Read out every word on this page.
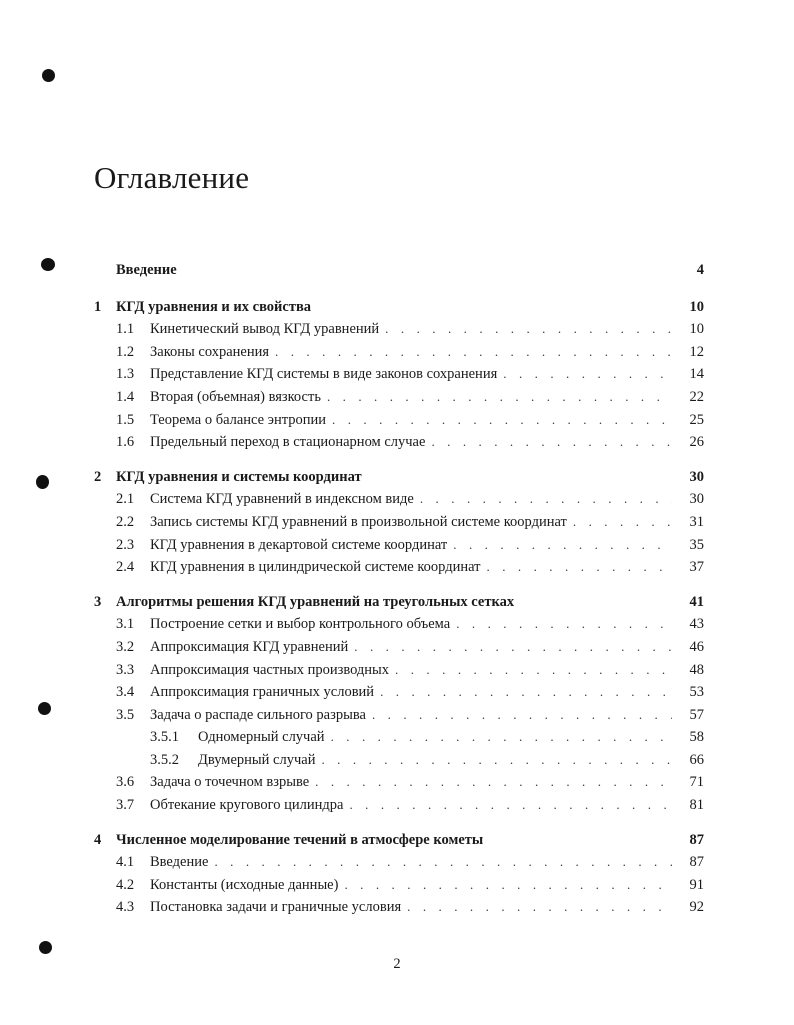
Оглавление
Введение	4
1	КГД уравнения и их свойства	10
1.1	Кинетический вывод КГД уравнений . . .	10
1.2	Законы сохранения . . .	12
1.3	Представление КГД системы в виде законов сохранения . . .	14
1.4	Вторая (объемная) вязкость . . .	22
1.5	Теорема о балансе энтропии . . .	25
1.6	Предельный переход в стационарном случае . . .	26
2	КГД уравнения и системы координат	30
2.1	Система КГД уравнений в индексном виде . . .	30
2.2	Запись системы КГД уравнений в произвольной системе координат . . .	31
2.3	КГД уравнения в декартовой системе координат . . .	35
2.4	КГД уравнения в цилиндрической системе координат . . .	37
3	Алгоритмы решения КГД уравнений на треугольных сетках	41
3.1	Построение сетки и выбор контрольного объема . . .	43
3.2	Аппроксимация КГД уравнений . . .	46
3.3	Аппроксимация частных производных . . .	48
3.4	Аппроксимация граничных условий . . .	53
3.5	Задача о распаде сильного разрыва . . .	57
3.5.1	Одномерный случай . . .	58
3.5.2	Двумерный случай . . .	66
3.6	Задача о точечном взрыве . . .	71
3.7	Обтекание кругового цилиндра . . .	81
4	Численное моделирование течений в атмосфере кометы	87
4.1	Введение . . .	87
4.2	Константы (исходные данные) . . .	91
4.3	Постановка задачи и граничные условия . . .	92
2
